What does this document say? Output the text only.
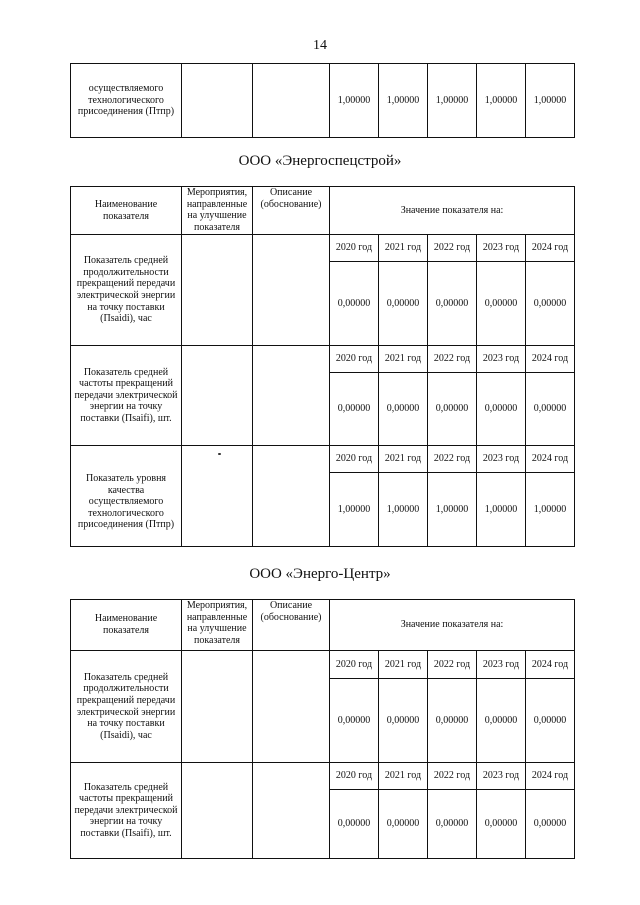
14
осуществляемого технологического присоединения (Птпр)			1,00000	1,00000	1,00000	1,00000	1,00000
ООО «Энергоспецстрой»
Наименование показателя	Мероприятия, направленные на улучшение показателя	Описание (обоснование)	Значение показателя на:				
Показатель средней продолжительности прекращений передачи электрической энергии на точку поставки (Пsaidi), час			2020 год	2021 год	2022 год	2023 год	2024 год
			0,00000	0,00000	0,00000	0,00000	0,00000
Показатель средней частоты прекращений передачи электрической энергии на точку поставки (Пsaifi), шт.			2020 год	2021 год	2022 год	2023 год	2024 год
			0,00000	0,00000	0,00000	0,00000	0,00000
Показатель уровня качества осуществляемого технологического присоединения (Птпр)			2020 год	2021 год	2022 год	2023 год	2024 год
			1,00000	1,00000	1,00000	1,00000	1,00000
ООО «Энерго-Центр»
Наименование показателя	Мероприятия, направленные на улучшение показателя	Описание (обоснование)	Значение показателя на:				
Показатель средней продолжительности прекращений передачи электрической энергии на точку поставки (Пsaidi), час			2020 год	2021 год	2022 год	2023 год	2024 год
			0,00000	0,00000	0,00000	0,00000	0,00000
Показатель средней частоты прекращений передачи электрической энергии на точку поставки (Пsaifi), шт.			2020 год	2021 год	2022 год	2023 год	2024 год
			0,00000	0,00000	0,00000	0,00000	0,00000
